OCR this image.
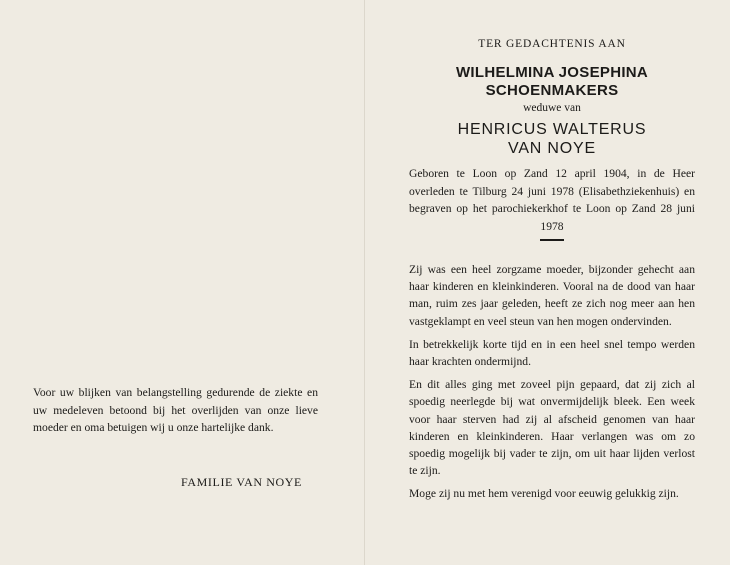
Voor uw blijken van belangstelling gedurende de ziekte en uw medeleven betoond bij het overlijden van onze lieve moeder en oma betuigen wij u onze hartelijke dank.

FAMILIE VAN NOYE
TER GEDACHTENIS AAN
WILHELMINA JOSEPHINA
SCHOENMAKERS
weduwe van
HENRICUS WALTERUS
VAN NOYE

Geboren te Loon op Zand 12 april 1904, in de Heer overleden te Tilburg 24 juni 1978 (Elisabethziekenhuis) en begraven op het parochiekerkhof te Loon op Zand 28 juni 1978

Zij was een heel zorgzame moeder, bijzonder gehecht aan haar kinderen en kleinkinderen. Vooral na de dood van haar man, ruim zes jaar geleden, heeft ze zich nog meer aan hen vastgeklampt en veel steun van hen mogen ondervinden.

In betrekkelijk korte tijd en in een heel snel tempo werden haar krachten ondermijnd.

En dit alles ging met zoveel pijn gepaard, dat zij zich al spoedig neerlegde bij wat onvermijdelijk bleek. Een week voor haar sterven had zij al afscheid genomen van haar kinderen en kleinkinderen. Haar verlangen was om zo spoedig mogelijk bij vader te zijn, om uit haar lijden verlost te zijn.

Moge zij nu met hem verenigd voor eeuwig gelukkig zijn.
